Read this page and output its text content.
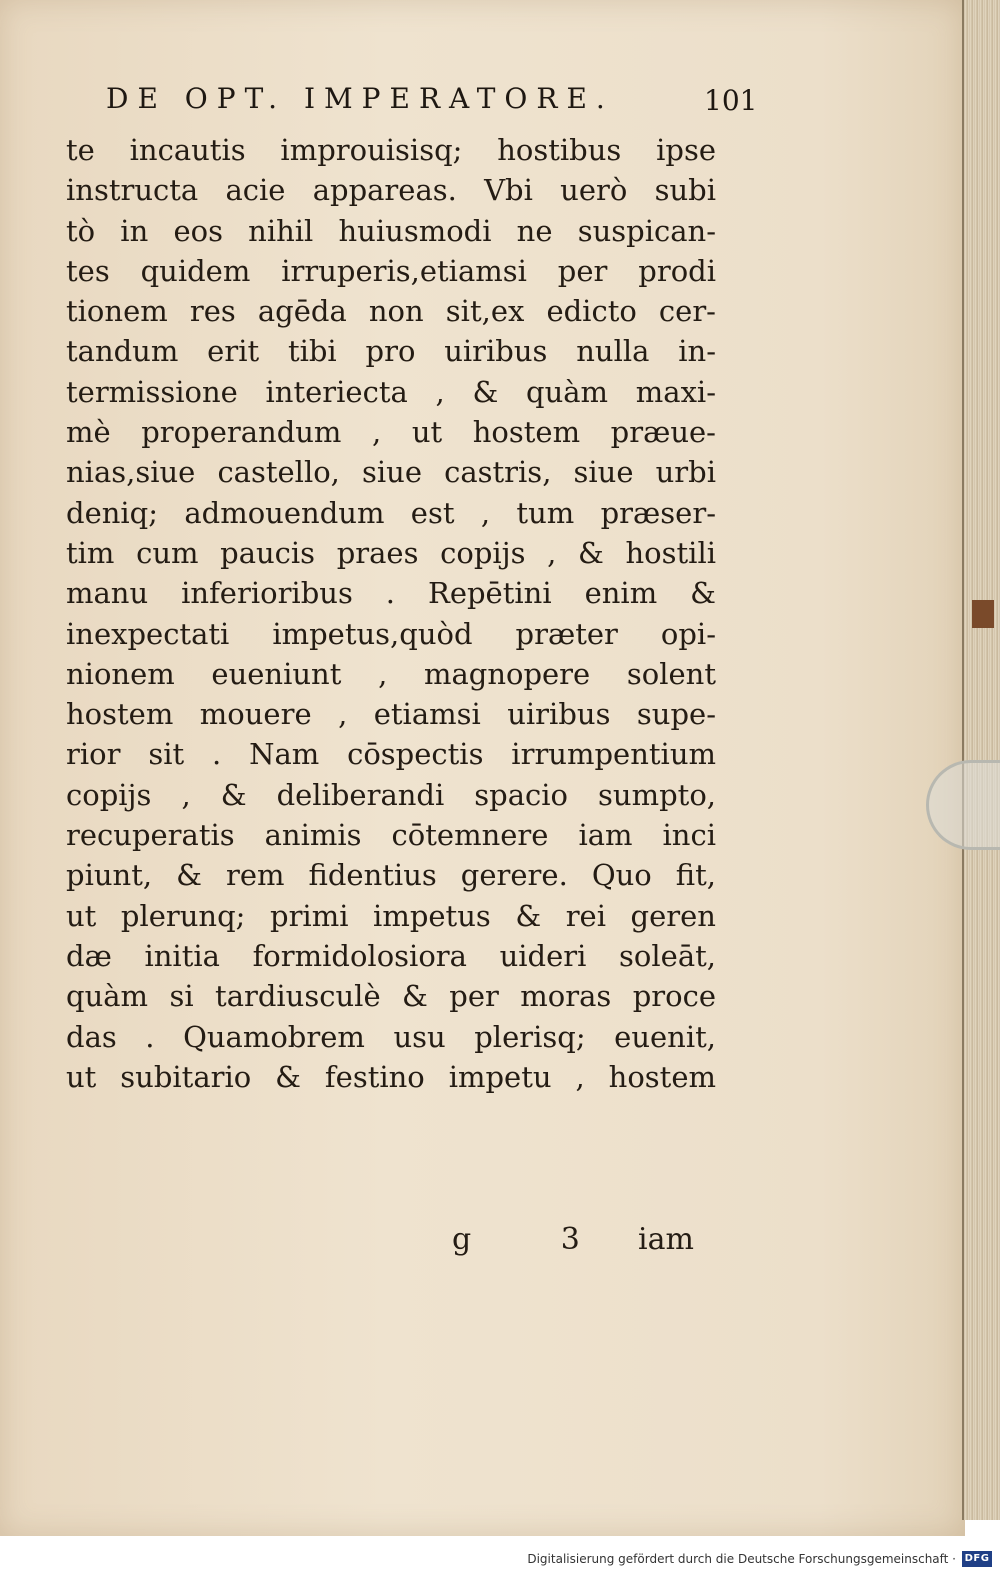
DE OPT. IMPERATORE.	101
te incautis improuisisq; hostibus ipse
instructa acie appareas. Vbi uerò subi
tò in eos nihil huiusmodi ne suspican-
tes quidem irruperis,etiamsi per prodi
tionem res agēda non sit,ex edicto cer-
tandum erit tibi pro uiribus nulla in-
termissione interiecta , & quàm maxi-
mè properandum , ut hostem præue-
nias,siue castello, siue castris, siue urbi
deniq; admouendum est , tum præser-
tim cum paucis praes copijs , & hostili
manu inferioribus . Repētini enim &
inexpectati impetus,quòd præter opi-
nionem eueniunt , magnopere solent
hostem mouere , etiamsi uiribus supe-
rior sit . Nam cōspectis irrumpentium
copijs , & deliberandi spacio sumpto,
recuperatis animis cōtemnere iam inci
piunt, & rem fidentius gerere. Quo fit,
ut plerunq; primi impetus & rei geren
dæ initia formidolosiora uideri soleāt,
quàm si tardiusculè & per moras proce
das . Quamobrem usu plerisq; euenit,
ut subitario & festino impetu , hostem
g 3 iam
Digitalisierung gefördert durch die Deutsche Forschungsgemeinschaft · DFG
